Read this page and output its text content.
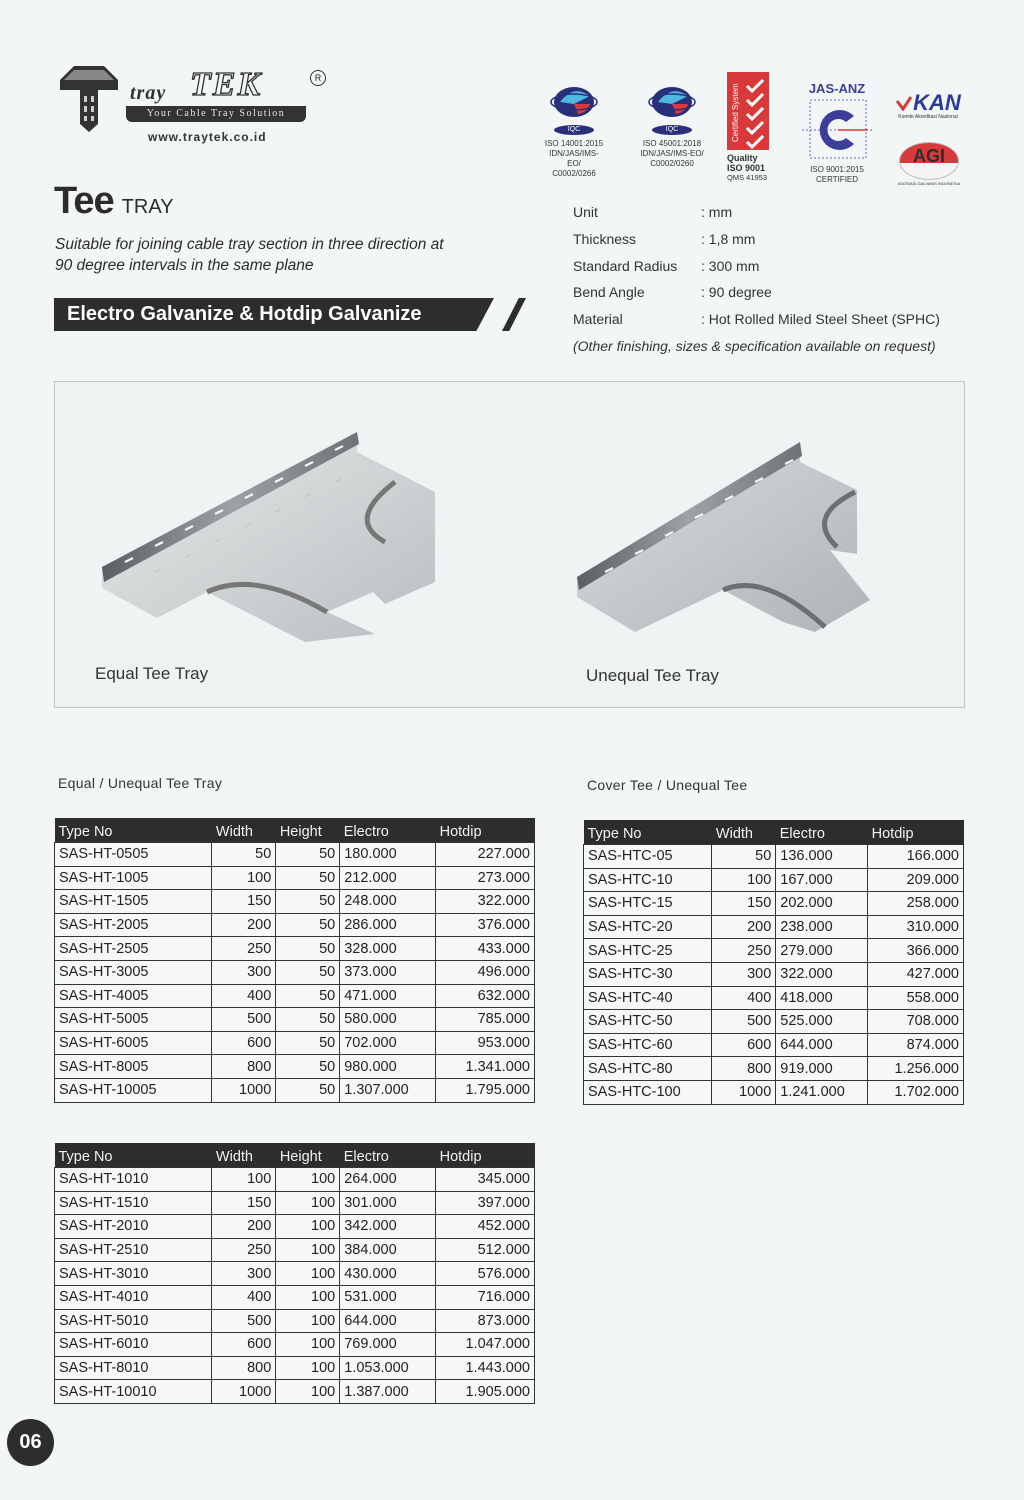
tray TEK	R
Your Cable Tray Solution
www.traytek.co.id
IQC
ISO 14001:2015
IDN/JAS/IMS-EO/
C0002/0266
IQC
ISO 45001:2018
IDN/JAS/IMS-EO/
C0002/0260
Certified System
Quality
ISO 9001
QMS 41953
JAS-ANZ
ISO 9001:2015
CERTIFIED
KAN
Komite Akreditasi Nasional
AGI
ASOSIASI GALVANIS INDONESIA
Tee TRAY
Suitable for joining cable tray section in three direction at
90 degree intervals in the same plane
Electro Galvanize & Hotdip Galvanize
Unit	: mm
Thickness	: 1,8 mm
Standard Radius	: 300 mm
Bend Angle	: 90 degree
Material	: Hot Rolled Miled Steel Sheet (SPHC)
(Other finishing, sizes & specification available on request)
Equal Tee Tray	Unequal Tee Tray
Equal / Unequal Tee Tray	Cover Tee / Unequal Tee
Type No	Width	Height	Electro	Hotdip
SAS-HT-0505	50	50	180.000	227.000
SAS-HT-1005	100	50	212.000	273.000
SAS-HT-1505	150	50	248.000	322.000
SAS-HT-2005	200	50	286.000	376.000
SAS-HT-2505	250	50	328.000	433.000
SAS-HT-3005	300	50	373.000	496.000
SAS-HT-4005	400	50	471.000	632.000
SAS-HT-5005	500	50	580.000	785.000
SAS-HT-6005	600	50	702.000	953.000
SAS-HT-8005	800	50	980.000	1.341.000
SAS-HT-10005	1000	50	1.307.000	1.795.000
Type No	Width	Height	Electro	Hotdip
SAS-HT-1010	100	100	264.000	345.000
SAS-HT-1510	150	100	301.000	397.000
SAS-HT-2010	200	100	342.000	452.000
SAS-HT-2510	250	100	384.000	512.000
SAS-HT-3010	300	100	430.000	576.000
SAS-HT-4010	400	100	531.000	716.000
SAS-HT-5010	500	100	644.000	873.000
SAS-HT-6010	600	100	769.000	1.047.000
SAS-HT-8010	800	100	1.053.000	1.443.000
SAS-HT-10010	1000	100	1.387.000	1.905.000
Type No	Width	Electro	Hotdip
SAS-HTC-05	50	136.000	166.000
SAS-HTC-10	100	167.000	209.000
SAS-HTC-15	150	202.000	258.000
SAS-HTC-20	200	238.000	310.000
SAS-HTC-25	250	279.000	366.000
SAS-HTC-30	300	322.000	427.000
SAS-HTC-40	400	418.000	558.000
SAS-HTC-50	500	525.000	708.000
SAS-HTC-60	600	644.000	874.000
SAS-HTC-80	800	919.000	1.256.000
SAS-HTC-100	1000	1.241.000	1.702.000
06
